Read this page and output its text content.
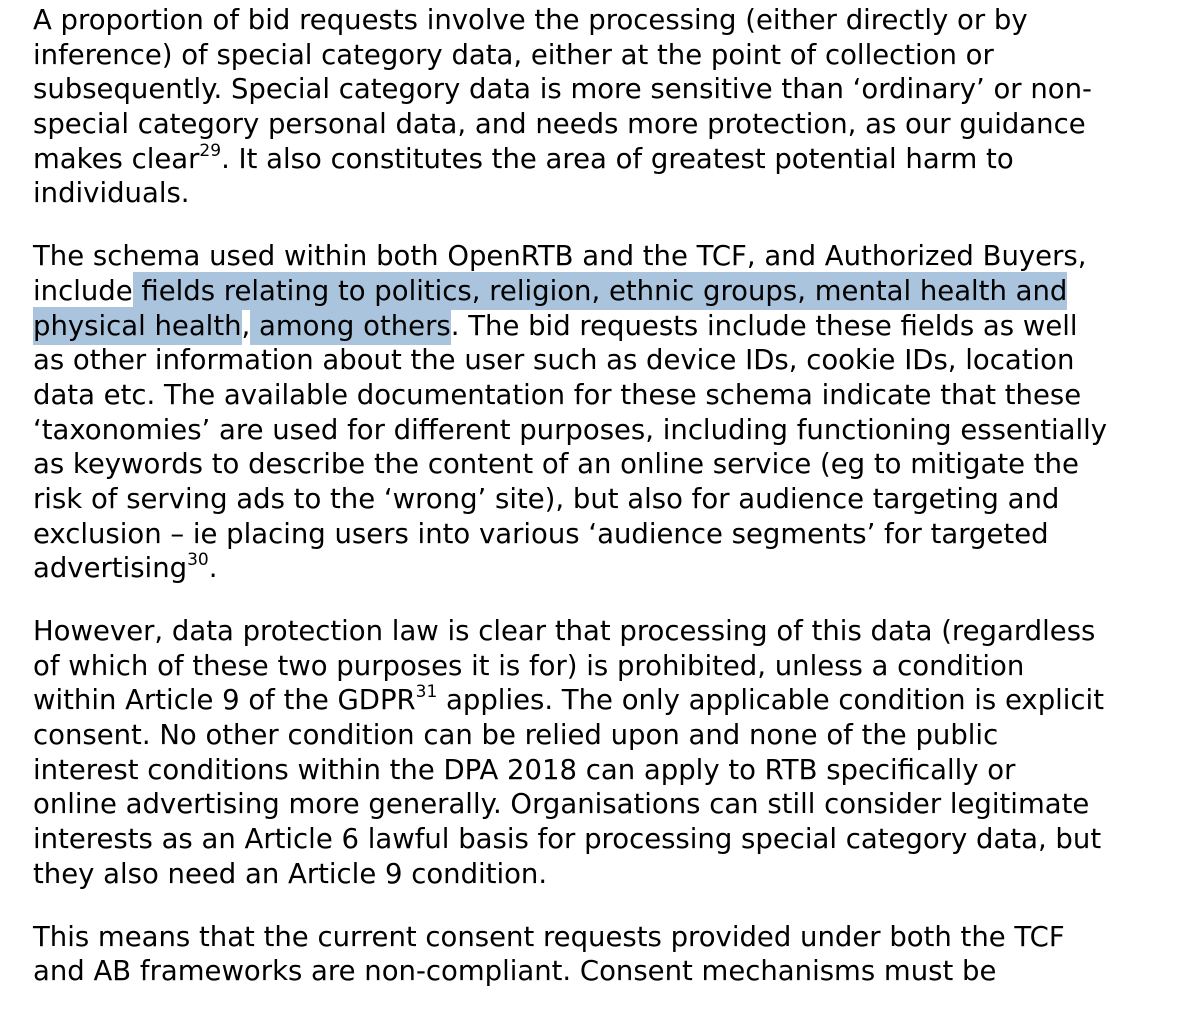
A proportion of bid requests involve the processing (either directly or by
inference) of special category data, either at the point of collection or
subsequently. Special category data is more sensitive than ‘ordinary’ or non-
special category personal data, and needs more protection, as our guidance
makes clear$^{29}$. It also constitutes the area of greatest potential harm to
individuals.

The schema used within both OpenRTB and the TCF, and Authorized Buyers,
include fields relating to politics, religion, ethnic groups, mental health and
physical health, among others. The bid requests include these fields as well
as other information about the user such as device IDs, cookie IDs, location
data etc. The available documentation for these schema indicate that these
‘taxonomies’ are used for different purposes, including functioning essentially
as keywords to describe the content of an online service (eg to mitigate the
risk of serving ads to the ‘wrong’ site), but also for audience targeting and
exclusion – ie placing users into various ‘audience segments’ for targeted
advertising$^{30}$.

However, data protection law is clear that processing of this data (regardless
of which of these two purposes it is for) is prohibited, unless a condition
within Article 9 of the GDPR$^{31}$ applies. The only applicable condition is explicit
consent. No other condition can be relied upon and none of the public
interest conditions within the DPA 2018 can apply to RTB specifically or
online advertising more generally. Organisations can still consider legitimate
interests as an Article 6 lawful basis for processing special category data, but
they also need an Article 9 condition.

This means that the current consent requests provided under both the TCF
and AB frameworks are non-compliant. Consent mechanisms must be
